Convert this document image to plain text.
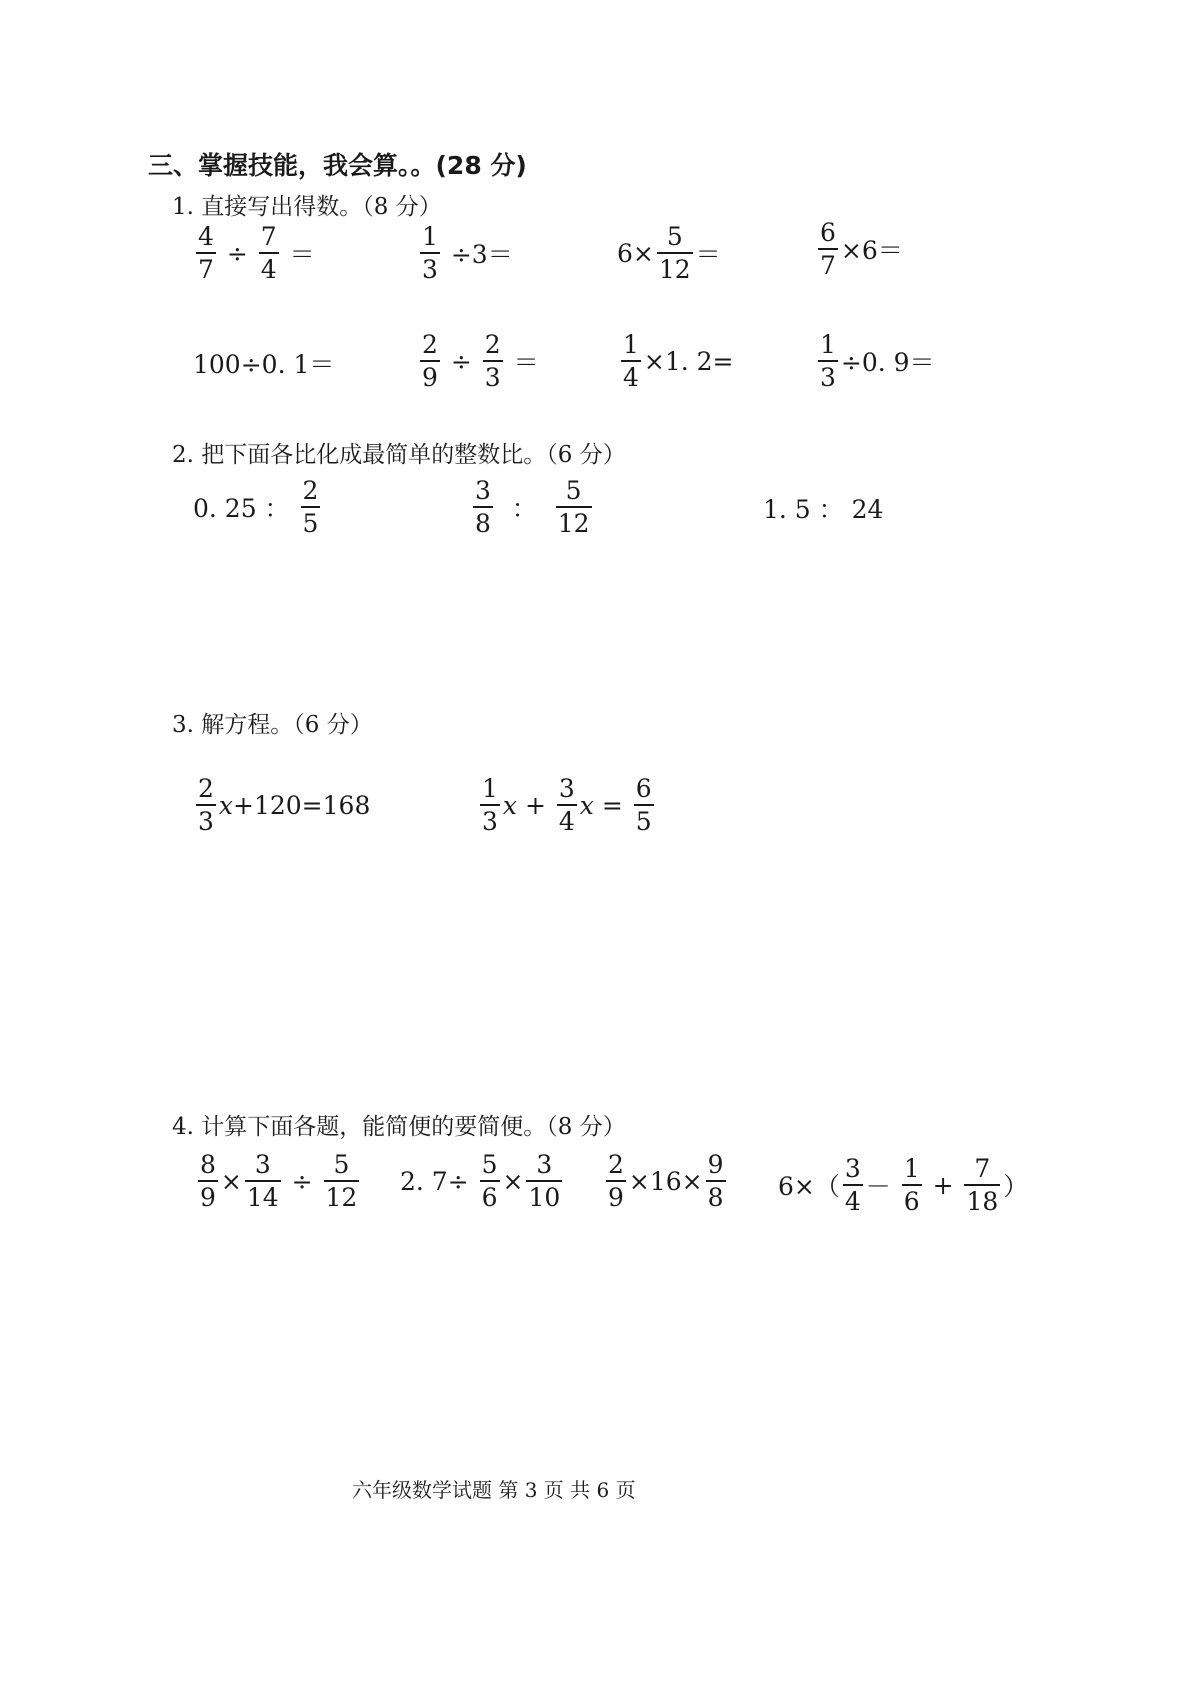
三、掌握技能，我会算。。(28 分)
1. 直接写出得数。（8 分）
$\frac{4}{7} \div \frac{7}{4}$ ＝	$\frac{1}{3} \div 3=$	$6\times \frac{5}{12}$ ＝	$\frac{6}{7} \times 6=$
100÷0. 1＝	$\frac{2}{9} \div \frac{2}{3}$ ＝	$\frac{1}{4} \times 1$. 2=	$\frac{1}{3} \div 0$. 9＝
2. 把下面各比化成最简单的整数比。（6 分）
0. 25 ： $\frac{2}{5}$	$\frac{3}{8}$ ： $\frac{5}{12}$	1. 5 ： 24
3. 解方程。（6 分）
$\frac{2}{3}$ x +120=168	$\frac{1}{3}$ $x + \frac{3}{4}$ $x = \frac{6}{5}$
4. 计算下面各题，能简便的要简便。（8 分）
$\frac{8}{9} \times \frac{3}{14} \div \frac{5}{12} 2$. $7\div \frac{5}{6} \times \frac{3}{10} \frac{2}{9} \times 16\times \frac{9}{8} 6\times( \frac{3}{4} - \frac{1}{6} + \frac{7}{18}$ ）
六年级数学试题 第 3 页 共 6 页
